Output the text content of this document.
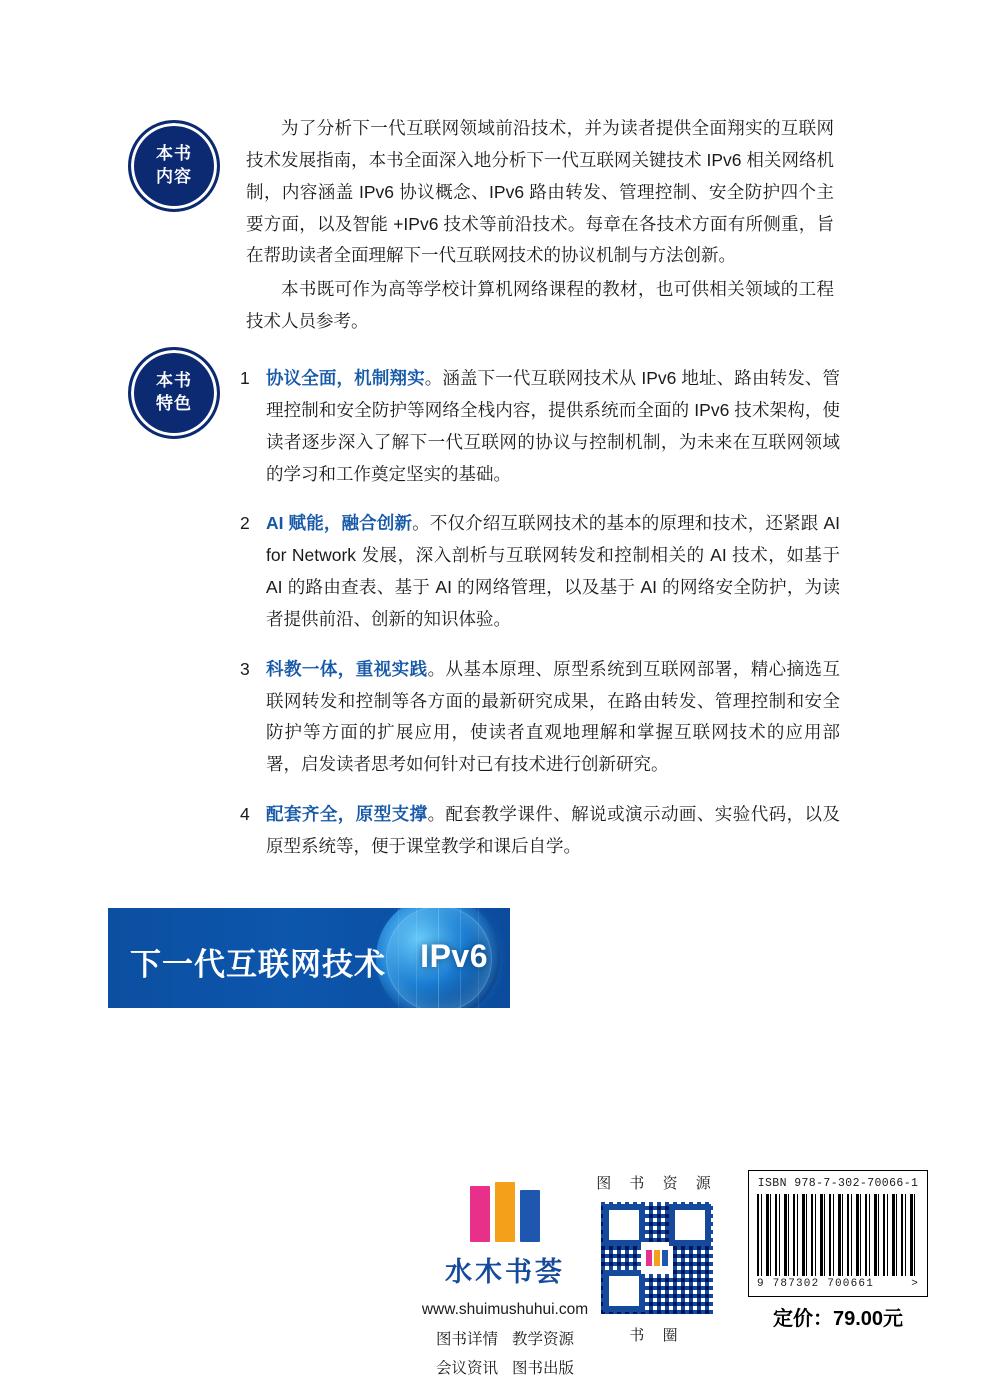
本书
内容
本书
特色

为了分析下一代互联网领域前沿技术，并为读者提供全面翔实的互联网技术发展指南，本书全面深入地分析下一代互联网关键技术 IPv6 相关网络机制，内容涵盖 IPv6 协议概念、IPv6 路由转发、管理控制、安全防护四个主要方面，以及智能 +IPv6 技术等前沿技术。每章在各技术方面有所侧重，旨在帮助读者全面理解下一代互联网技术的协议机制与方法创新。

本书既可作为高等学校计算机网络课程的教材，也可供相关领域的工程技术人员参考。

1 协议全面，机制翔实。涵盖下一代互联网技术从 IPv6 地址、路由转发、管理控制和安全防护等网络全栈内容，提供系统而全面的 IPv6 技术架构，使读者逐步深入了解下一代互联网的协议与控制机制，为未来在互联网领域的学习和工作奠定坚实的基础。
2 AI 赋能，融合创新。不仅介绍互联网技术的基本的原理和技术，还紧跟 AI for Network 发展，深入剖析与互联网转发和控制相关的 AI 技术，如基于 AI 的路由查表、基于 AI 的网络管理，以及基于 AI 的网络安全防护，为读者提供前沿、创新的知识体验。
3 科教一体，重视实践。从基本原理、原型系统到互联网部署，精心摘选互联网转发和控制等各方面的最新研究成果，在路由转发、管理控制和安全防护等方面的扩展应用，使读者直观地理解和掌握互联网技术的应用部署，启发读者思考如何针对已有技术进行创新研究。
4 配套齐全，原型支撑。配套教学课件、解说或演示动画、实验代码，以及原型系统等，便于课堂教学和课后自学。
下一代互联网技术 IPv6
水木书荟
www.shuimushuhui.com
图书详情 教学资源
会议资讯 图书出版
图 书 资 源
书 圈
ISBN 978-7-302-70066-1
9 787302 700661	>
定价：79.00元
